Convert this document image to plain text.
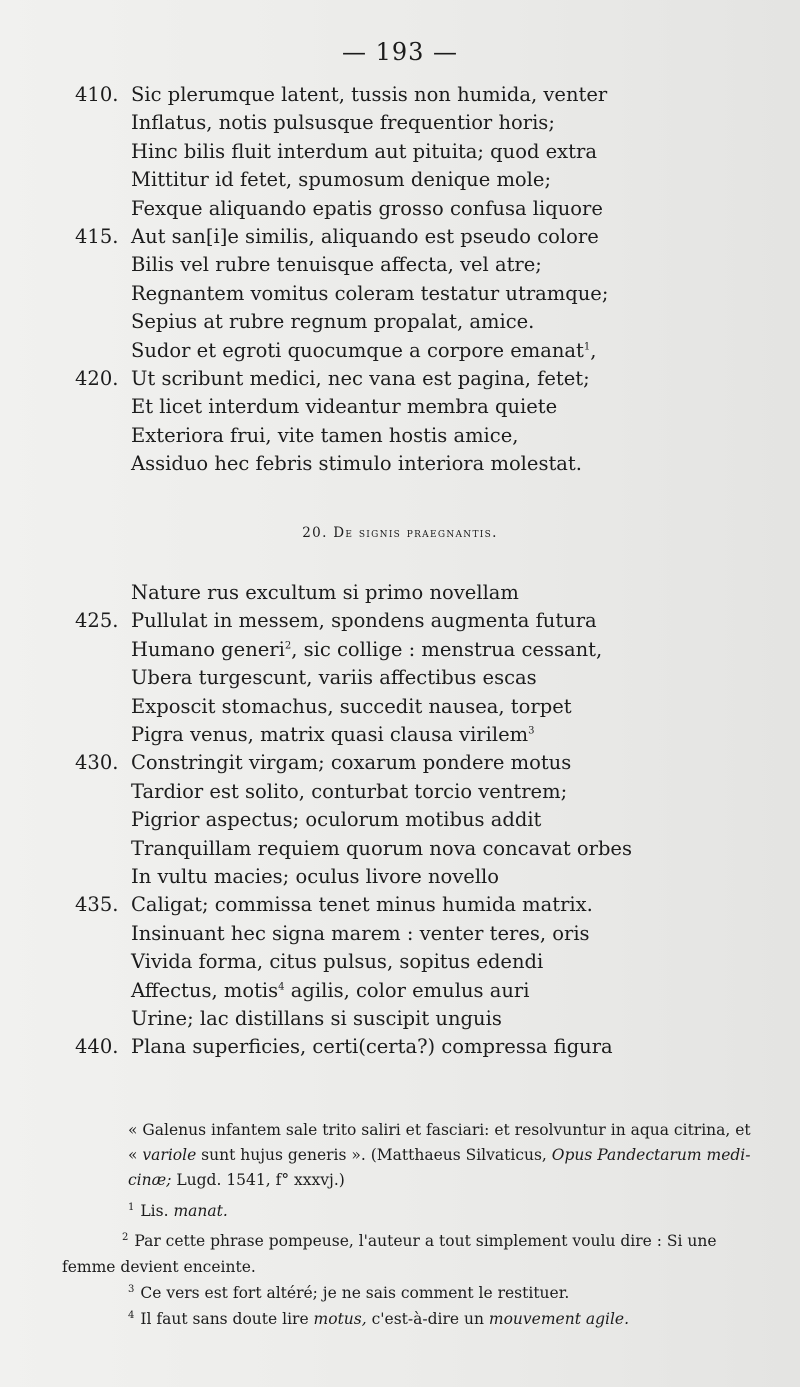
— 193 —
410. Sic plerumque latent, tussis non humida, venter
Inflatus, notis pulsusque frequentior horis;
Hinc bilis fluit interdum aut pituita; quod extra
Mittitur id fetet, spumosum denique mole;
Fexque aliquando epatis grosso confusa liquore
415. Aut san[i]e similis, aliquando est pseudo colore
Bilis vel rubre tenuisque affecta, vel atre;
Regnantem vomitus coleram testatur utramque;
Sepius at rubre regnum propalat, amice.
Sudor et egroti quocumque a corpore emanat$^1$,
420. Ut scribunt medici, nec vana est pagina, fetet;
Et licet interdum videantur membra quiete
Exteriora frui, vite tamen hostis amice,
Assiduo hec febris stimulo interiora molestat.
20. De signis praegnantis.
Nature rus excultum si primo novellam
425. Pullulat in messem, spondens augmenta futura
Humano generi$^2$, sic collige : menstrua cessant,
Ubera turgescunt, variis affectibus escas
Exposcit stomachus, succedit nausea, torpet
Pigra venus, matrix quasi clausa virilem$^3$
430. Constringit virgam; coxarum pondere motus
Tardior est solito, conturbat torcio ventrem;
Pigrior aspectus; oculorum motibus addit
Tranquillam requiem quorum nova concavat orbes
In vultu macies; oculus livore novello
435. Caligat; commissa tenet minus humida matrix.
Insinuant hec signa marem : venter teres, oris
Vivida forma, citus pulsus, sopitus edendi
Affectus, motis$^4$ agilis, color emulus auri
Urine; lac distillans si suscipit unguis
440. Plana superficies, certi(certa?) compressa figura
« Galenus infantem sale trito saliri et fasciari: et resolvuntur in aqua citrina, et
« variole sunt hujus generis ». (Matthaeus Silvaticus, Opus Pandectarum medi-
cinæ; Lugd. 1541, f° xxxvj.)
$^1$ Lis. manat.
$^2$ Par cette phrase pompeuse, l'auteur a tout simplement voulu dire : Si une
femme devient enceinte.
$^3$ Ce vers est fort altéré; je ne sais comment le restituer.
$^4$ Il faut sans doute lire motus, c'est-à-dire un mouvement agile.
